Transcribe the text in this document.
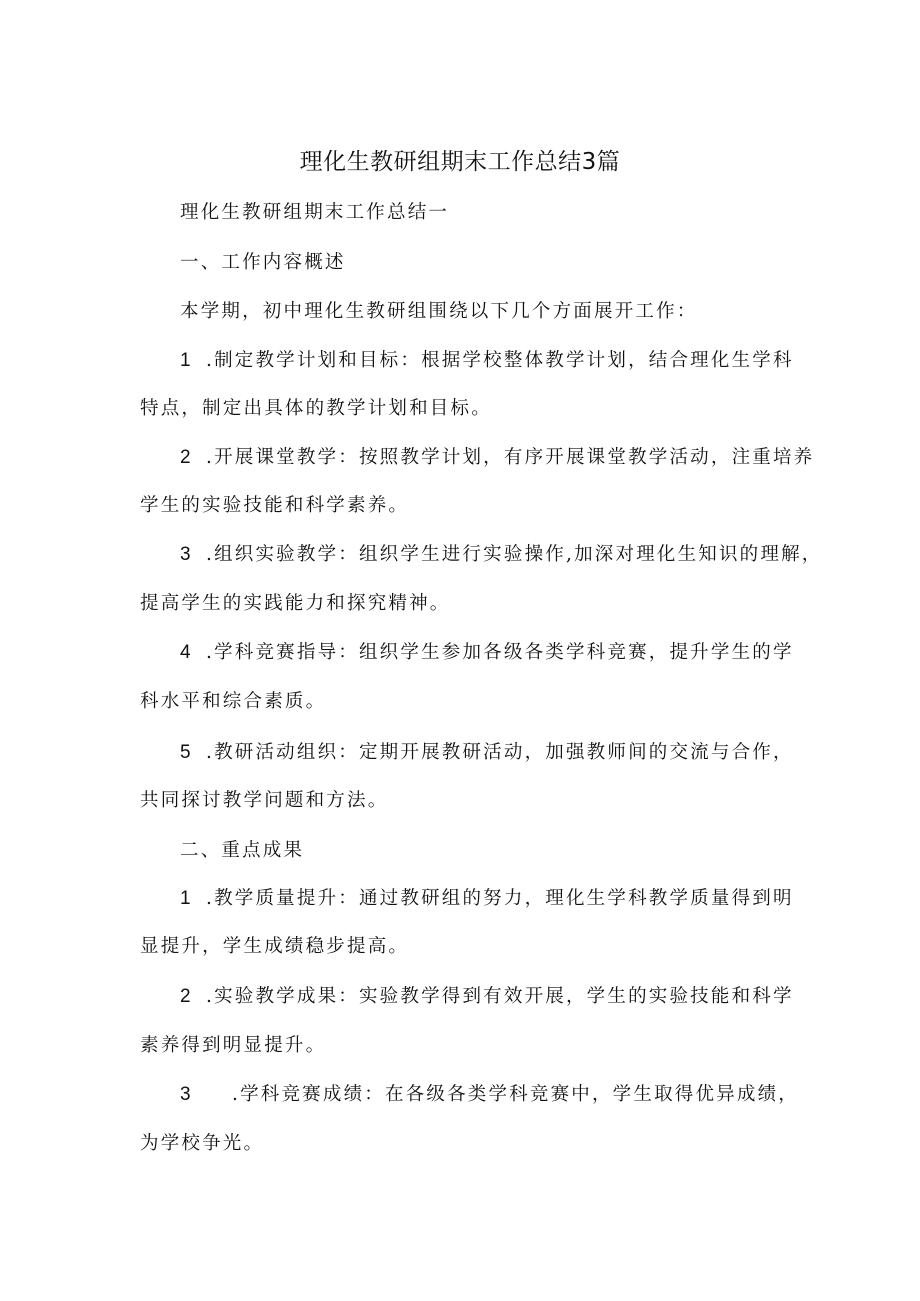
理化生教研组期末工作总结3篇
理化生教研组期末工作总结一
一、工作内容概述
本学期，初中理化生教研组围绕以下几个方面展开工作：
1 .制定教学计划和目标：根据学校整体教学计划，结合理化生学科
特点，制定出具体的教学计划和目标。
2 .开展课堂教学：按照教学计划，有序开展课堂教学活动，注重培养
学生的实验技能和科学素养。
3 .组织实验教学：组织学生进行实验操作,加深对理化生知识的理解，
提高学生的实践能力和探究精神。
4 .学科竞赛指导：组织学生参加各级各类学科竞赛，提升学生的学
科水平和综合素质。
5 .教研活动组织：定期开展教研活动，加强教师间的交流与合作，
共同探讨教学问题和方法。
二、重点成果
1 .教学质量提升：通过教研组的努力，理化生学科教学质量得到明
显提升，学生成绩稳步提高。
2 .实验教学成果：实验教学得到有效开展，学生的实验技能和科学
素养得到明显提升。
3 .学科竞赛成绩：在各级各类学科竞赛中，学生取得优异成绩，
为学校争光。
